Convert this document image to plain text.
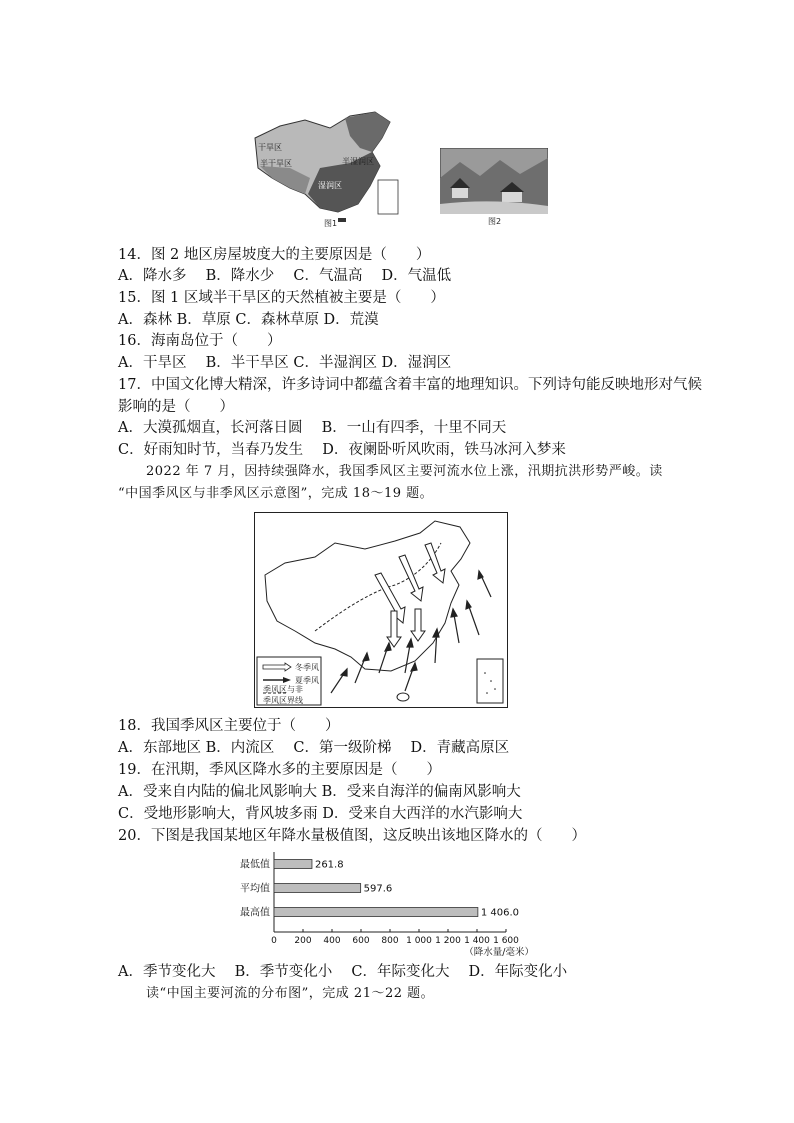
干旱区
半干旱区	半湿润区
湿润区
图1	图2
14．图 2 地区房屋坡度大的主要原因是（　　）
A．降水多　 B．降水少　 C．气温高　 D．气温低
15．图 1 区域半干旱区的天然植被主要是（　　）
A．森林 B．草原 C．森林草原 D．荒漠
16．海南岛位于（　　）
A．干旱区　 B．半干旱区 C．半湿润区 D．湿润区
17．中国文化博大精深，许多诗词中都蕴含着丰富的地理知识。下列诗句能反映地形对气候
影响的是（　　）
A．大漠孤烟直，长河落日圆　 B．一山有四季，十里不同天
C．好雨知时节，当春乃发生　 D．夜阑卧听风吹雨，铁马冰河入梦来
2022 年 7 月，因持续强降水，我国季风区主要河流水位上涨，汛期抗洪形势严峻。读
“中国季风区与非季风区示意图”，完成 18～19 题。
冬季风
夏季风
季风区与非
季风区界线
18．我国季风区主要位于（　　）
A．东部地区 B．内流区　 C．第一级阶梯　 D．青藏高原区
19．在汛期，季风区降水多的主要原因是（　　）
A．受来自内陆的偏北风影响大 B．受来自海洋的偏南风影响大
C．受地形影响大，背风坡多雨 D．受来自大西洋的水汽影响大
20．下图是我国某地区年降水量极值图，这反映出该地区降水的（　　）
最低值	261.8
平均值	597.6
最高值	1 406.0
0 200 400 600 800 1 000 1 200 1 400 1 600
（降水量/毫米）
A．季节变化大　 B．季节变化小　 C．年际变化大　 D．年际变化小
读“中国主要河流的分布图”，完成 21～22 题。
